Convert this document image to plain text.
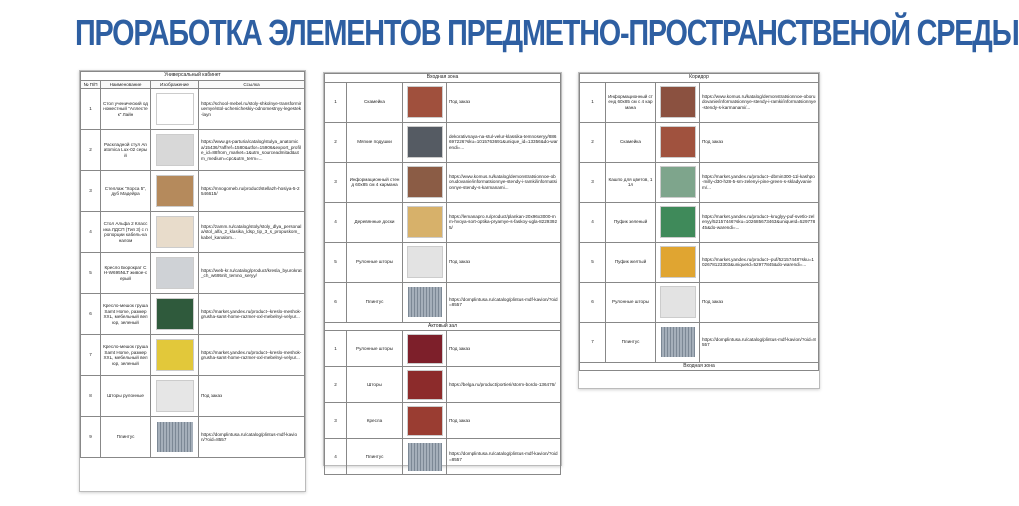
ПРОРАБОТКА ЭЛЕМЕНТОВ ПРЕДМЕТНО-ПРОСТРАНСТВЕНОЙ СРЕДЫ
Универсальный кабинет			
№ П/П	Наименование	Изображение	Ссылка
1	Стол ученический одноместный "Аллестек" Лайн		https://school-mebel.ru/stoly-shkolnye-transformiruemye/stol-uchenicheskiy-odnomestnyy-legestek-layn
2	Раскладной стул Anatomica Lux-02 серый		https://www.gs-parturia/catalog/stulya_anatomica/15436/?affref=1580&utfor=15906&export_profile_id=88from_market=1&utm_sourceadmitad&utm_medium=cpc&utm_term=...
3	Стеллаж "Хорса 5", дуб Мадейра		https://mnogomeb.ru/product/stellazh-hosiya-5-2546615/
4	Стол Альфа 2 Классика ЛДСП (Тип 3) с пропорции кабель-каналом		https://zamm.ru/catalog/stoly/stoly_dlya_personala/stol_alfa_2_klasika_ldsp_tip_3_s_propuskom_kabel_kanalom...
5	Кресло Бюрократ CH-W695NLT живое-серый		https://web-kr.ru/catalog/product/kresla_byurokrat_ch_w695nlt_temno_seryy/
6	Кресло-мешок груша Samt Home, размер XXL, мебельный велюр, зеленый		https://market.yandex.ru/product--kreslo-meshok-grusha-samt-home-razmer-xxl-mebelnyi-velyur...
7	Кресло-мешок груша Samt Home, размер XXL, мебельный велюр, зеленый		https://market.yandex.ru/product--kreslo-meshok-grusha-samt-home-razmer-xxl-mebelnyi-velyur...
8	Шторы рулонные		Под заказ
9	Плинтус		https://domplintusa.ru/catalog/plintus-mdf-kavion/?oid=8557
Входная зона			
1	Скамейка		Под заказ
2	Мягкие подушки		dekorativnaya-na-stul-velur-klassika-temnoseryy/886697226?sku=1015763691&unique_id=13356&do-warendi=...
3	Информационный стенд 60х85 см 4 кармана		https://www.komus.ru/katalog/demonstratsionnoe-oborudovanie/informatsionnye-stendy-i-ramki/informatsionnye-stendy-s-karmanami...
4	Деревянные доски		https://lemanapro.ru/product/plankan-20x96x3000-mm-hvoya-sort-optika-pryamye-s-faskoy-ugla-82293925/
5	Рулонные шторы		Под заказ
6	Плинтус		https://domplintusa.ru/catalog/plintus-mdf-kavion/?oid=8557
Актовый зал			
1	Рулонные шторы		Под заказ
2	Шторы		https://belga.ru/product/portieri/storm-bordo-136476/
3	Кресла		Под заказ
4	Плинтус		https://domplintusa.ru/catalog/plintus-mdf-kavion/?oid=8557
Коридор			
1	Информационный стенд 60х85 см с 4 кармана		https://www.komus.ru/katalog/demonstratsionnoe-oborudovanie/informatsionnye-stendy-i-ramki/informatsionnye-stendy-s-karmanami/...
2	Скамейка		Под заказ
3	Кашпо для цветов, 11л		https://market.yandex.ru/product--dbmin300-11l-kashpo-milly-d30-h28-5-sm-zelenyi-pine-green-s-skladyvaniem/...
4	Пуфик зеленый		https://market.yandex.ru/product--kruglyy-puf-svetlo-zelenyy/52157446?sku=102685673463&uniqueId=52977845&do-warendi=...
5	Пуфик желтый		https://market.yandex.ru/product--puf/52157448?sku=102678123303&uniqueId=52977845&do-warendi=...
6	Рулонные шторы		Под заказ
7	Плинтус		https://domplintusa.ru/catalog/plintus-mdf-kavion/?oid=8557
Входная зона			
